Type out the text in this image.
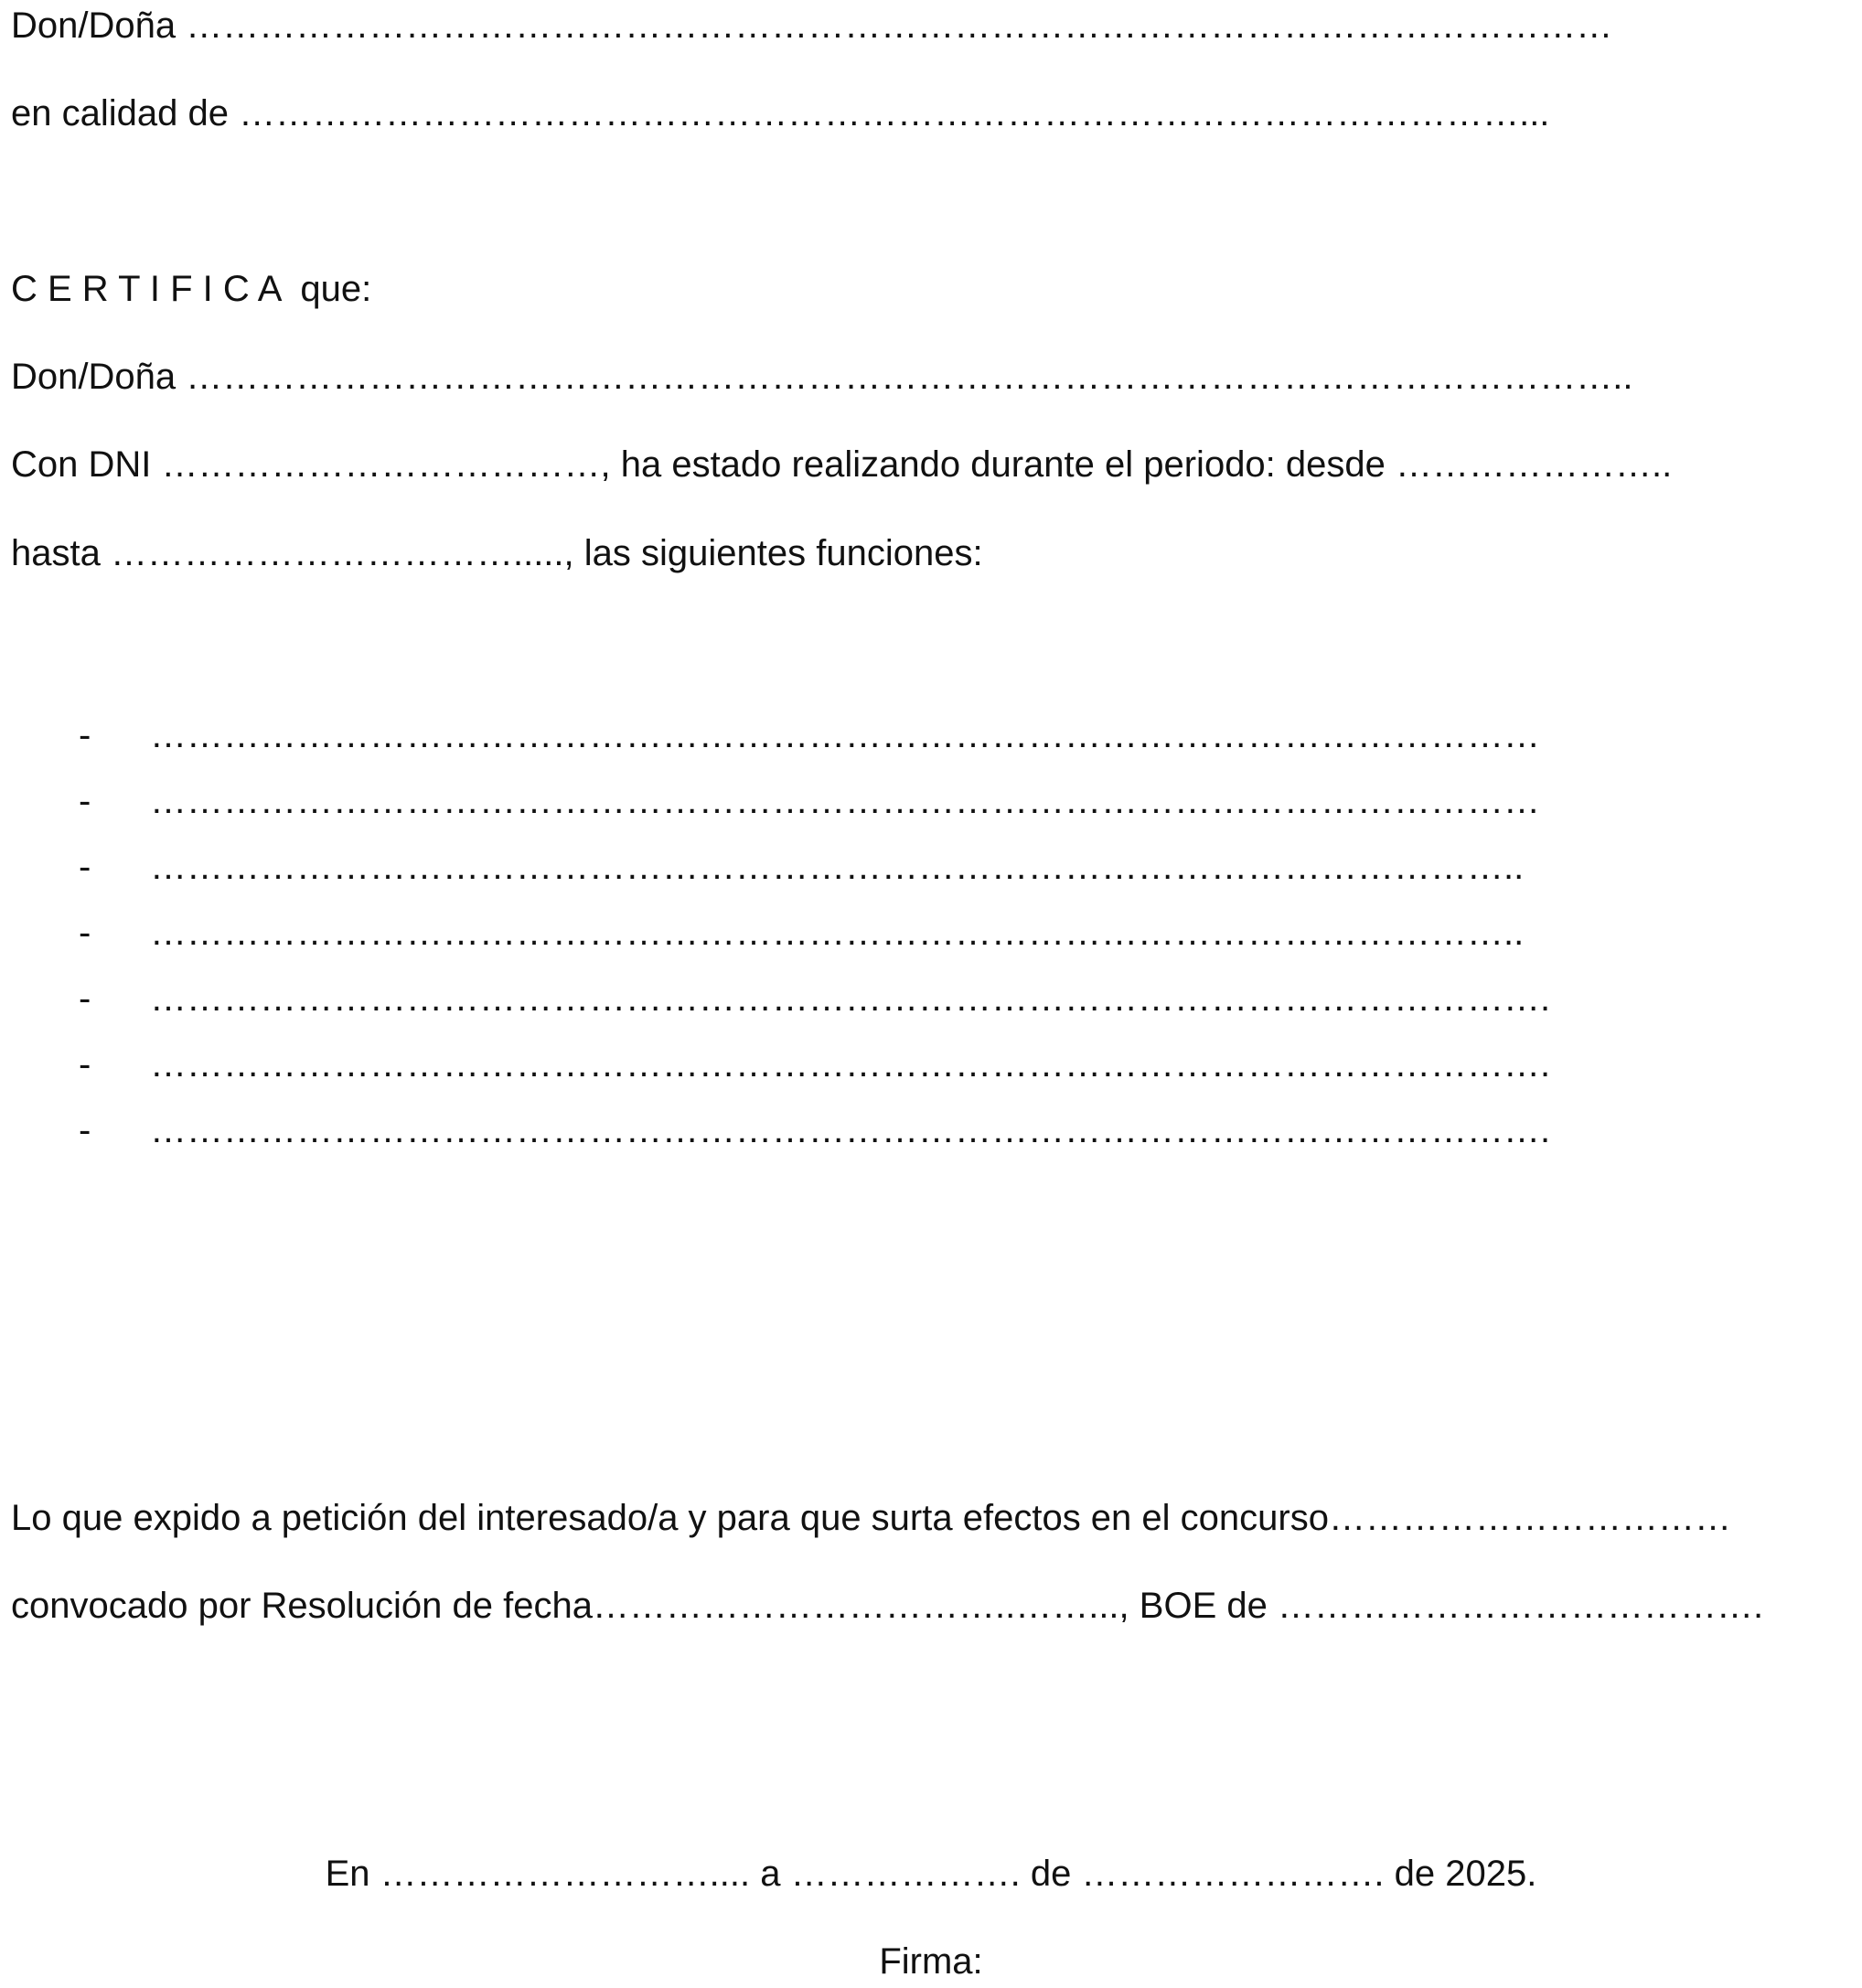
Don/Doña ………………………………………………………………………………………………………
en calidad de ……………………………………………………………………………………………...
C E R T I F I C A  que:
Don/Doña ………………………………………………………………………………………………………..
Con DNI ………………………………, ha estado realizando durante el periodo: desde …………………..
hasta ……………………………....., las siguientes funciones:
- ……………………………………………………………………………………………………
- ……………………………………………………………………………………………………
- …………………………………………………………………………………………………..
- …………………………………………………………………………………………………..
- …………………………………………………………………………………………………….
- …………………………………………………………………………………………………….
- …………………………………………………………………………………………………….
Lo que expido a petición del interesado/a y para que surta efectos en el concurso……………………………
convocado por Resolución de fecha……………………………..……..., BOE de ………………………………….
En ……………………….... a ………………. de ……………………. de 2025.
Firma:
